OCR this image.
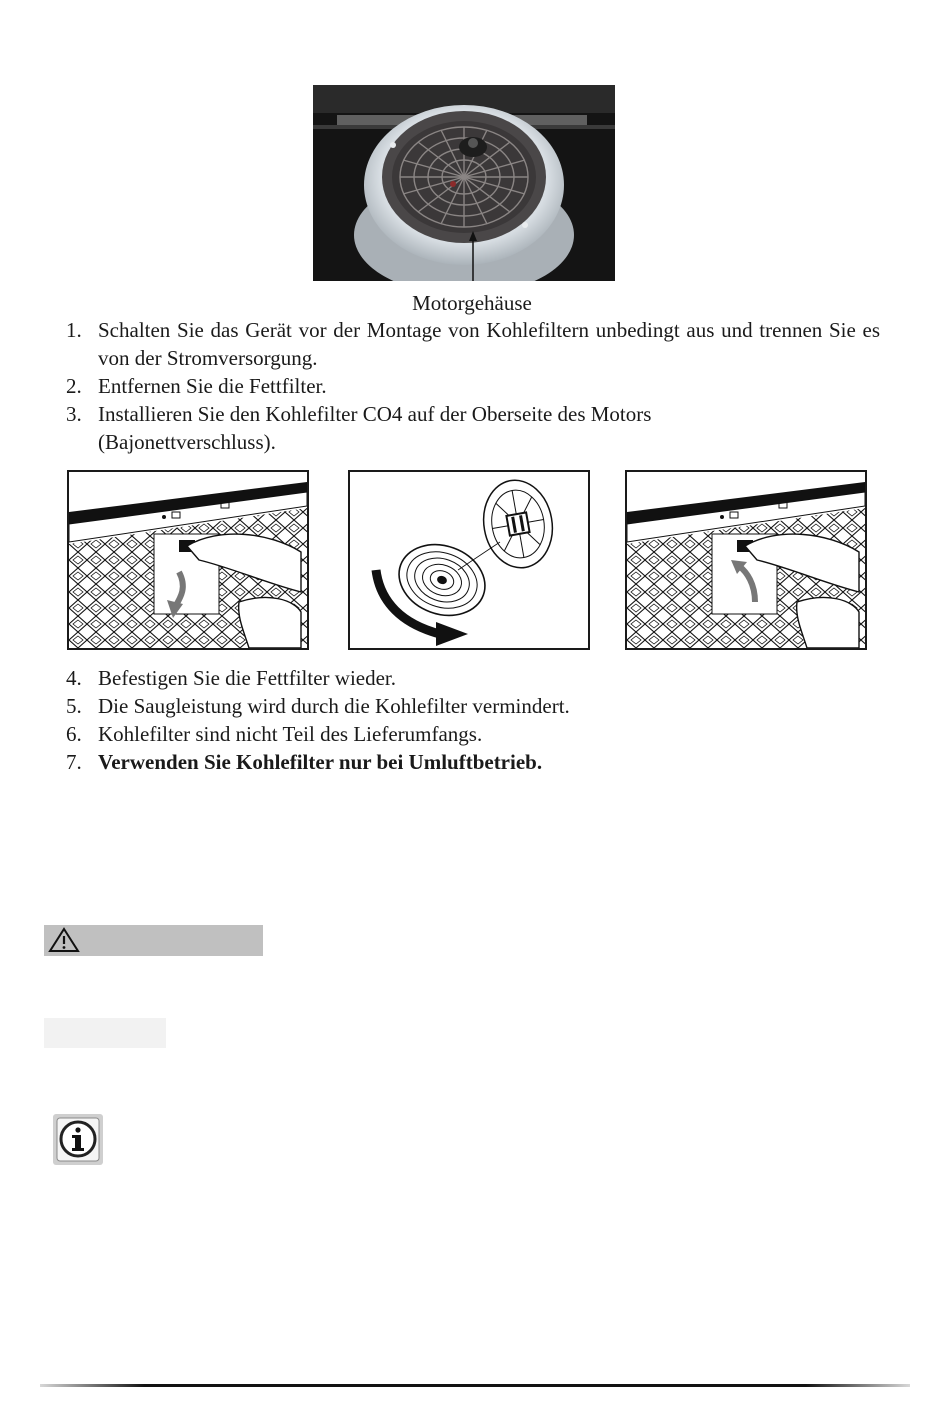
Motorgehäuse
1. Schalten Sie das Gerät vor der Montage von Kohlefiltern unbedingt aus und trennen Sie es von der Stromversorgung.
2. Entfernen Sie die Fettfilter.
3. Installieren Sie den Kohlefilter CO4 auf der Oberseite des Motors (Bajonettverschluss).
4. Befestigen Sie die Fettfilter wieder.
5. Die Saugleistung wird durch die Kohlefilter vermindert.
6. Kohlefilter sind nicht Teil des Lieferumfangs.
7. Verwenden Sie Kohlefilter nur bei Umluftbetrieb.
